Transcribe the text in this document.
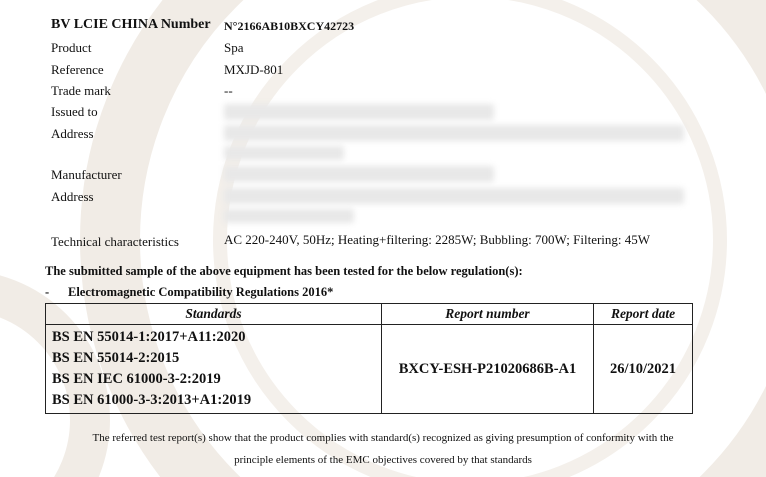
BV LCIE CHINA Number N°2166AB10BXCY42723
Product	Spa
Reference	MXJD-801
Trade mark	--
Issued to
Address
Manufacturer
Address
Technical characteristics	AC 220-240V, 50Hz; Heating+filtering: 2285W; Bubbling: 700W; Filtering: 45W
The submitted sample of the above equipment has been tested for the below regulation(s):
- Electromagnetic Compatibility Regulations 2016*
Standards	Report number	Report date

BS EN 55014-1:2017+A11:2020
BS EN 55014-2:2015
BS EN IEC 61000-3-2:2019
BS EN 61000-3-3:2013+A1:2019	BXCY-ESH-P21020686B-A1	26/10/2021
The referred test report(s) show that the product complies with standard(s) recognized as giving presumption of conformity with the
principle elements of the EMC objectives covered by that standards
